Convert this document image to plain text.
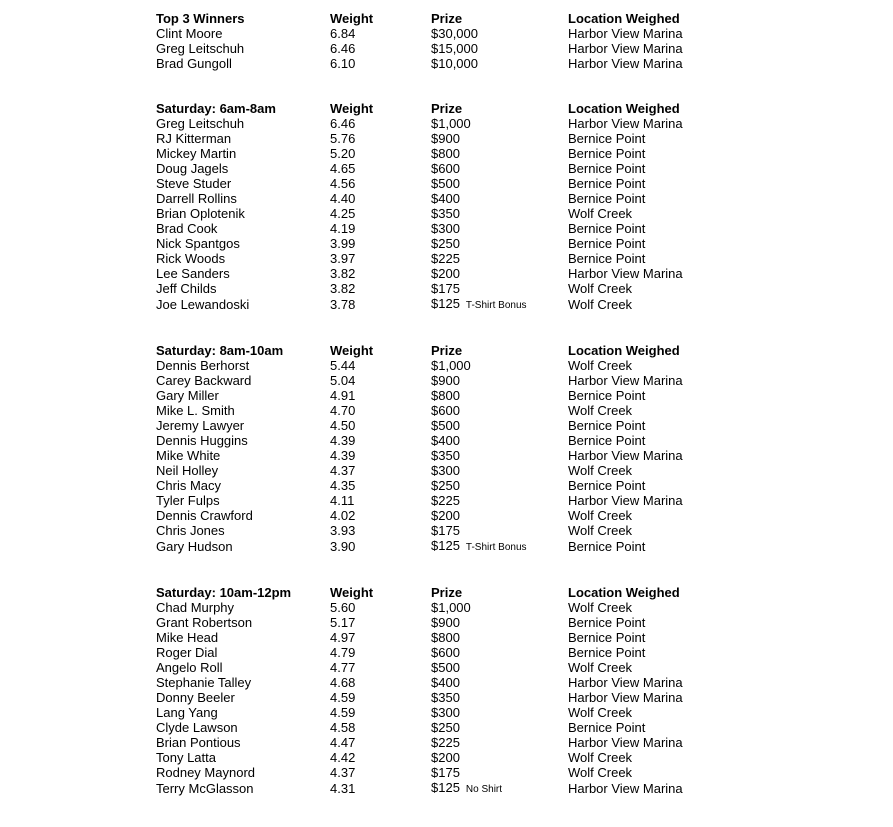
Top 3 Winners	Weight	Prize	Location Weighed
Clint Moore	6.84	$30,000	Harbor View Marina
Greg Leitschuh	6.46	$15,000	Harbor View Marina
Brad Gungoll	6.10	$10,000	Harbor View Marina
Saturday: 6am-8am	Weight	Prize	Location Weighed
Greg Leitschuh	6.46	$1,000	Harbor View Marina
RJ Kitterman	5.76	$900	Bernice Point
Mickey Martin	5.20	$800	Bernice Point
Doug Jagels	4.65	$600	Bernice Point
Steve Studer	4.56	$500	Bernice Point
Darrell Rollins	4.40	$400	Bernice Point
Brian Oplotenik	4.25	$350	Wolf Creek
Brad Cook	4.19	$300	Bernice Point
Nick Spantgos	3.99	$250	Bernice Point
Rick Woods	3.97	$225	Bernice Point
Lee Sanders	3.82	$200	Harbor View Marina
Jeff Childs	3.82	$175	Wolf Creek
Joe Lewandoski	3.78	$125 T-Shirt Bonus	Wolf Creek
Saturday: 8am-10am	Weight	Prize	Location Weighed
Dennis Berhorst	5.44	$1,000	Wolf Creek
Carey Backward	5.04	$900	Harbor View Marina
Gary Miller	4.91	$800	Bernice Point
Mike L. Smith	4.70	$600	Wolf Creek
Jeremy Lawyer	4.50	$500	Bernice Point
Dennis Huggins	4.39	$400	Bernice Point
Mike White	4.39	$350	Harbor View Marina
Neil Holley	4.37	$300	Wolf Creek
Chris Macy	4.35	$250	Bernice Point
Tyler Fulps	4.11	$225	Harbor View Marina
Dennis Crawford	4.02	$200	Wolf Creek
Chris Jones	3.93	$175	Wolf Creek
Gary Hudson	3.90	$125 T-Shirt Bonus	Bernice Point
Saturday: 10am-12pm	Weight	Prize	Location Weighed
Chad Murphy	5.60	$1,000	Wolf Creek
Grant Robertson	5.17	$900	Bernice Point
Mike Head	4.97	$800	Bernice Point
Roger Dial	4.79	$600	Bernice Point
Angelo Roll	4.77	$500	Wolf Creek
Stephanie Talley	4.68	$400	Harbor View Marina
Donny Beeler	4.59	$350	Harbor View Marina
Lang Yang	4.59	$300	Wolf Creek
Clyde Lawson	4.58	$250	Bernice Point
Brian Pontious	4.47	$225	Harbor View Marina
Tony Latta	4.42	$200	Wolf Creek
Rodney Maynord	4.37	$175	Wolf Creek
Terry McGlasson	4.31	$125 No Shirt	Harbor View Marina
